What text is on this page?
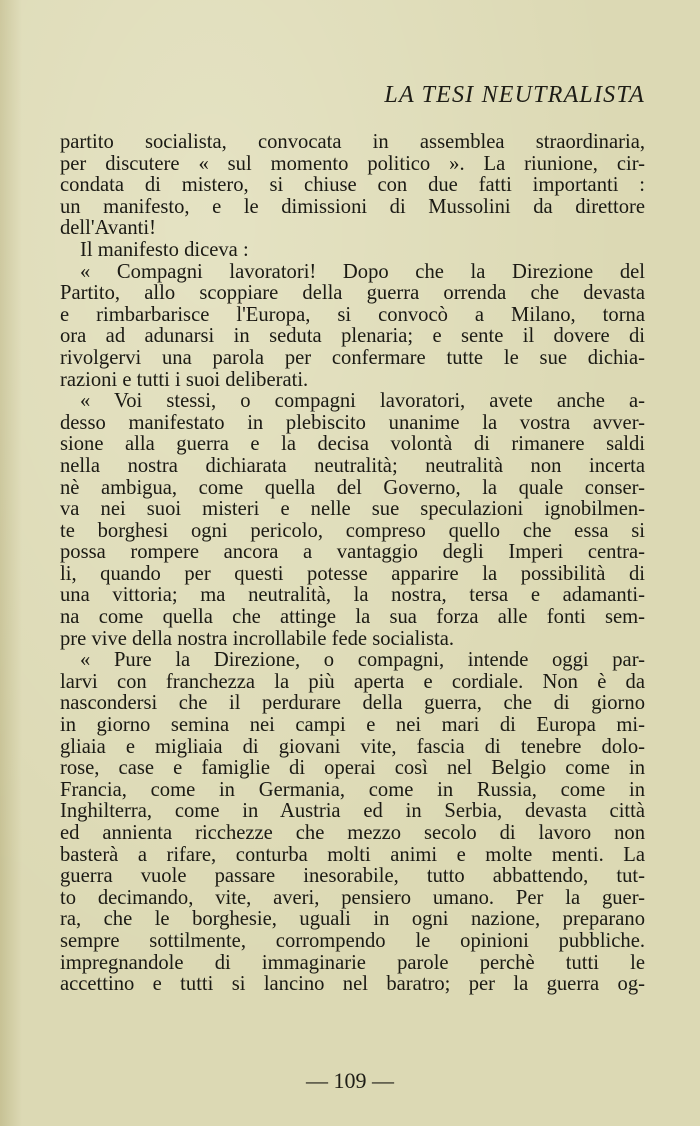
LA TESI NEUTRALISTA
partito socialista, convocata in assemblea straordinaria,
per discutere « sul momento politico ». La riunione, cir-
condata di mistero, si chiuse con due fatti importanti :
un manifesto, e le dimissioni di Mussolini da direttore
dell'Avanti!
Il manifesto diceva :
« Compagni lavoratori! Dopo che la Direzione del
Partito, allo scoppiare della guerra orrenda che devasta
e rimbarbarisce l'Europa, si convocò a Milano, torna
ora ad adunarsi in seduta plenaria; e sente il dovere di
rivolgervi una parola per confermare tutte le sue dichia-
razioni e tutti i suoi deliberati.
« Voi stessi, o compagni lavoratori, avete anche a-
desso manifestato in plebiscito unanime la vostra avver-
sione alla guerra e la decisa volontà di rimanere saldi
nella nostra dichiarata neutralità; neutralità non incerta
nè ambigua, come quella del Governo, la quale conser-
va nei suoi misteri e nelle sue speculazioni ignobilmen-
te borghesi ogni pericolo, compreso quello che essa si
possa rompere ancora a vantaggio degli Imperi centra-
li, quando per questi potesse apparire la possibilità di
una vittoria; ma neutralità, la nostra, tersa e adamanti-
na come quella che attinge la sua forza alle fonti sem-
pre vive della nostra incrollabile fede socialista.
« Pure la Direzione, o compagni, intende oggi par-
larvi con franchezza la più aperta e cordiale. Non è da
nascondersi che il perdurare della guerra, che di giorno
in giorno semina nei campi e nei mari di Europa mi-
gliaia e migliaia di giovani vite, fascia di tenebre dolo-
rose, case e famiglie di operai così nel Belgio come in
Francia, come in Germania, come in Russia, come in
Inghilterra, come in Austria ed in Serbia, devasta città
ed annienta ricchezze che mezzo secolo di lavoro non
basterà a rifare, conturba molti animi e molte menti. La
guerra vuole passare inesorabile, tutto abbattendo, tut-
to decimando, vite, averi, pensiero umano. Per la guer-
ra, che le borghesie, uguali in ogni nazione, preparano
sempre sottilmente, corrompendo le opinioni pubbliche.
impregnandole di immaginarie parole perchè tutti le
accettino e tutti si lancino nel baratro; per la guerra og-
— 109 —
